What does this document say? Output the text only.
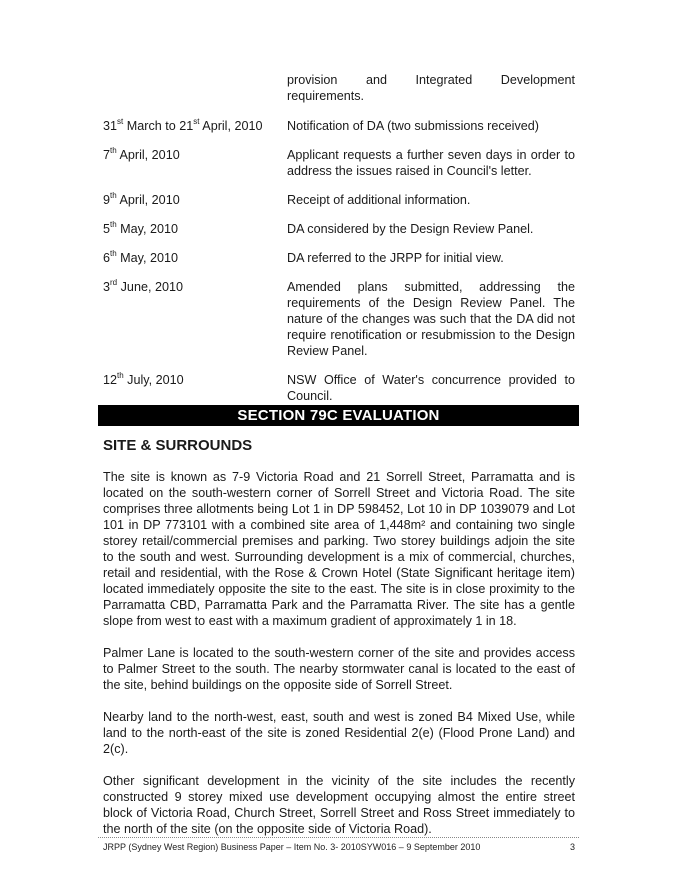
provision and Integrated Development requirements.
31st March to 21st April, 2010	Notification of DA (two submissions received)
7th April, 2010	Applicant requests a further seven days in order to address the issues raised in Council's letter.
9th April, 2010	Receipt of additional information.
5th May, 2010	DA considered by the Design Review Panel.
6th May, 2010	DA referred to the JRPP for initial view.
3rd June, 2010	Amended plans submitted, addressing the requirements of the Design Review Panel. The nature of the changes was such that the DA did not require renotification or resubmission to the Design Review Panel.
12th July, 2010	NSW Office of Water's concurrence provided to Council.
SECTION 79C EVALUATION
SITE & SURROUNDS

The site is known as 7-9 Victoria Road and 21 Sorrell Street, Parramatta and is located on the south-western corner of Sorrell Street and Victoria Road. The site comprises three allotments being Lot 1 in DP 598452, Lot 10 in DP 1039079 and Lot 101 in DP 773101 with a combined site area of 1,448m² and containing two single storey retail/commercial premises and parking. Two storey buildings adjoin the site to the south and west. Surrounding development is a mix of commercial, churches, retail and residential, with the Rose & Crown Hotel (State Significant heritage item) located immediately opposite the site to the east. The site is in close proximity to the Parramatta CBD, Parramatta Park and the Parramatta River. The site has a gentle slope from west to east with a maximum gradient of approximately 1 in 18.

Palmer Lane is located to the south-western corner of the site and provides access to Palmer Street to the south. The nearby stormwater canal is located to the east of the site, behind buildings on the opposite side of Sorrell Street.

Nearby land to the north-west, east, south and west is zoned B4 Mixed Use, while land to the north-east of the site is zoned Residential 2(e) (Flood Prone Land) and 2(c).

Other significant development in the vicinity of the site includes the recently constructed 9 storey mixed use development occupying almost the entire street block of Victoria Road, Church Street, Sorrell Street and Ross Street immediately to the north of the site (on the opposite side of Victoria Road).

JRPP (Sydney West Region) Business Paper – Item No. 3- 2010SYW016 – 9 September 2010	3
